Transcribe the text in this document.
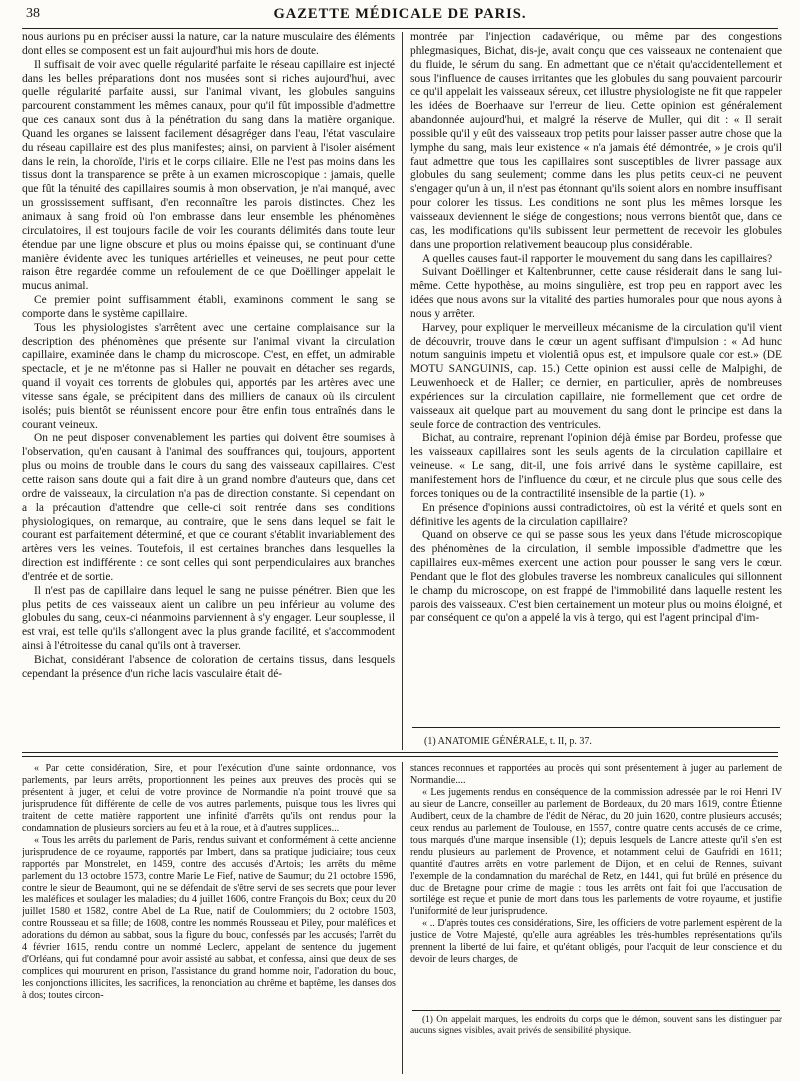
38	GAZETTE MÉDICALE DE PARIS.

nous aurions pu en préciser aussi la nature, car la nature musculaire des éléments dont elles se composent est un fait aujourd'hui mis hors de doute.

Il suffisait de voir avec quelle régularité parfaite le réseau capillaire est injecté dans les belles préparations dont nos musées sont si riches aujourd'hui, avec quelle régularité parfaite aussi, sur l'animal vivant, les globules sanguins parcourent constamment les mêmes canaux, pour qu'il fût impossible d'admettre que ces canaux sont dus à la pénétration du sang dans la matière organique. Quand les organes se laissent facilement désagréger dans l'eau, l'état vasculaire du réseau capillaire est des plus manifestes; ainsi, on parvient à l'isoler aisément dans le rein, la choroïde, l'iris et le corps ciliaire. Elle ne l'est pas moins dans les tissus dont la transparence se prête à un examen microscopique : jamais, quelle que fût la ténuité des capillaires soumis à mon observation, je n'ai manqué, avec un grossissement suffisant, d'en reconnaître les parois distinctes. Chez les animaux à sang froid où l'on embrasse dans leur ensemble les phénomènes circulatoires, il est toujours facile de voir les courants délimités dans toute leur étendue par une ligne obscure et plus ou moins épaisse qui, se continuant d'une manière évidente avec les tuniques artérielles et veineuses, ne peut pour cette raison être regardée comme un refoulement de ce que Doëllinger appelait le mucus animal.

Ce premier point suffisamment établi, examinons comment le sang se comporte dans le système capillaire.

Tous les physiologistes s'arrêtent avec une certaine complaisance sur la description des phénomènes que présente sur l'animal vivant la circulation capillaire, examinée dans le champ du microscope. C'est, en effet, un admirable spectacle, et je ne m'étonne pas si Haller ne pouvait en détacher ses regards, quand il voyait ces torrents de globules qui, apportés par les artères avec une vitesse sans égale, se précipitent dans des milliers de canaux où ils circulent isolés; puis bientôt se réunissent encore pour être enfin tous entraînés dans le courant veineux.

On ne peut disposer convenablement les parties qui doivent être soumises à l'observation, qu'en causant à l'animal des souffrances qui, toujours, apportent plus ou moins de trouble dans le cours du sang des vaisseaux capillaires. C'est cette raison sans doute qui a fait dire à un grand nombre d'auteurs que, dans cet ordre de vaisseaux, la circulation n'a pas de direction constante. Si cependant on a la précaution d'attendre que celle-ci soit rentrée dans ses conditions physiologiques, on remarque, au contraire, que le sens dans lequel se fait le courant est parfaitement déterminé, et que ce courant s'établit invariablement des artères vers les veines. Toutefois, il est certaines branches dans lesquelles la direction est indifférente : ce sont celles qui sont perpendiculaires aux branches d'entrée et de sortie.

Il n'est pas de capillaire dans lequel le sang ne puisse pénétrer. Bien que les plus petits de ces vaisseaux aient un calibre un peu inférieur au volume des globules du sang, ceux-ci néanmoins parviennent à s'y engager. Leur souplesse, il est vrai, est telle qu'ils s'allongent avec la plus grande facilité, et s'accommodent ainsi à l'étroitesse du canal qu'ils ont à traverser.

Bichat, considérant l'absence de coloration de certains tissus, dans lesquels cependant la présence d'un riche lacis vasculaire était dé-

montrée par l'injection cadavérique, ou même par des congestions phlegmasiques, Bichat, dis-je, avait conçu que ces vaisseaux ne contenaient que du fluide, le sérum du sang. En admettant que ce n'était qu'accidentellement et sous l'influence de causes irritantes que les globules du sang pouvaient parcourir ce qu'il appelait les vaisseaux séreux, cet illustre physiologiste ne fit que rappeler les idées de Boerhaave sur l'erreur de lieu. Cette opinion est généralement abandonnée aujourd'hui, et malgré la réserve de Muller, qui dit : « Il serait possible qu'il y eût des vaisseaux trop petits pour laisser passer autre chose que la lymphe du sang, mais leur existence « n'a jamais été démontrée, » je crois qu'il faut admettre que tous les capillaires sont susceptibles de livrer passage aux globules du sang seulement; comme dans les plus petits ceux-ci ne peuvent s'engager qu'un à un, il n'est pas étonnant qu'ils soient alors en nombre insuffisant pour colorer les tissus. Les conditions ne sont plus les mêmes lorsque les vaisseaux deviennent le siége de congestions; nous verrons bientôt que, dans ce cas, les modifications qu'ils subissent leur permettent de recevoir les globules dans une proportion relativement beaucoup plus considérable.

A quelles causes faut-il rapporter le mouvement du sang dans les capillaires?

Suivant Doëllinger et Kaltenbrunner, cette cause résiderait dans le sang lui-même. Cette hypothèse, au moins singulière, est trop peu en rapport avec les idées que nous avons sur la vitalité des parties humorales pour que nous ayons à nous y arrêter.

Harvey, pour expliquer le merveilleux mécanisme de la circulation qu'il vient de découvrir, trouve dans le cœur un agent suffisant d'impulsion : « Ad hunc notum sanguinis impetu et violentiâ opus est, et impulsore quale cor est.» (DE MOTU SANGUINIS, cap. 15.) Cette opinion est aussi celle de Malpighi, de Leuwenhoeck et de Haller; ce dernier, en particulier, après de nombreuses expériences sur la circulation capillaire, nie formellement que cet ordre de vaisseaux ait quelque part au mouvement du sang dont le principe est dans la seule force de contraction des ventricules.

Bichat, au contraire, reprenant l'opinion déjà émise par Bordeu, professe que les vaisseaux capillaires sont les seuls agents de la circulation capillaire et veineuse. « Le sang, dit-il, une fois arrivé dans le système capillaire, est manifestement hors de l'influence du cœur, et ne circule plus que sous celle des forces toniques ou de la contractilité insensible de la partie (1). »

En présence d'opinions aussi contradictoires, où est la vérité et quels sont en définitive les agents de la circulation capillaire?

Quand on observe ce qui se passe sous les yeux dans l'étude microscopique des phénomènes de la circulation, il semble impossible d'admettre que les capillaires eux-mêmes exercent une action pour pousser le sang vers le cœur. Pendant que le flot des globules traverse les nombreux canalicules qui sillonnent le champ du microscope, on est frappé de l'immobilité dans laquelle restent les parois des vaisseaux. C'est bien certainement un moteur plus ou moins éloigné, et par conséquent ce qu'on a appelé la vis à tergo, qui est l'agent principal d'im-

(1) ANATOMIE GÉNÉRALE, t. II, p. 37.

« Par cette considération, Sire, et pour l'exécution d'une sainte ordonnance, vos parlements, par leurs arrêts, proportionnent les peines aux preuves des procès qui se présentent à juger, et celui de votre province de Normandie n'a point trouvé que sa jurisprudence fût différente de celle de vos autres parlements, puisque tous les livres qui traitent de cette matière rapportent une infinité d'arrêts qu'ils ont rendus pour la condamnation de plusieurs sorciers au feu et à la roue, et à d'autres supplices...

« Tous les arrêts du parlement de Paris, rendus suivant et conformément à cette ancienne jurisprudence de ce royaume, rapportés par Imbert, dans sa pratique judiciaire; tous ceux rapportés par Monstrelet, en 1459, contre des accusés d'Artois; les arrêts du même parlement du 13 octobre 1573, contre Marie Le Fief, native de Saumur; du 21 octobre 1596, contre le sieur de Beaumont, qui ne se défendait de s'être servi de ses secrets que pour lever les maléfices et soulager les maladies; du 4 juillet 1606, contre François du Box; ceux du 20 juillet 1580 et 1582, contre Abel de La Rue, natif de Coulommiers; du 2 octobre 1503, contre Rousseau et sa fille; de 1608, contre les nommés Rousseau et Piley, pour maléfices et adorations du démon au sabbat, sous la figure du bouc, confessés par les accusés; l'arrêt du 4 février 1615, rendu contre un nommé Leclerc, appelant de sentence du jugement d'Orléans, qui fut condamné pour avoir assisté au sabbat, et confessa, ainsi que deux de ses complices qui moururent en prison, l'assistance du grand homme noir, l'adoration du bouc, les conjonctions illicites, les sacrifices, la renonciation au chrême et baptême, les danses dos à dos; toutes circon-

stances reconnues et rapportées au procès qui sont présentement à juger au parlement de Normandie....

« Les jugements rendus en conséquence de la commission adressée par le roi Henri IV au sieur de Lancre, conseiller au parlement de Bordeaux, du 20 mars 1619, contre Étienne Audibert, ceux de la chambre de l'édit de Nérac, du 20 juin 1620, contre plusieurs accusés; ceux rendus au parlement de Toulouse, en 1557, contre quatre cents accusés de ce crime, tous marqués d'une marque insensible (1); depuis lesquels de Lancre atteste qu'il s'en est rendu plusieurs au parlement de Provence, et notamment celui de Gaufridi en 1611; quantité d'autres arrêts en votre parlement de Dijon, et en celui de Rennes, suivant l'exemple de la condamnation du maréchal de Retz, en 1441, qui fut brûlé en présence du duc de Bretagne pour crime de magie : tous les arrêts ont fait foi que l'accusation de sortilége est reçue et punie de mort dans tous les parlements de votre royaume, et justifie l'uniformité de leur jurisprudence.

« .. D'après toutes ces considérations, Sire, les officiers de votre parlement espèrent de la justice de Votre Majesté, qu'elle aura agréables les très-humbles représentations qu'ils prennent la liberté de lui faire, et qu'étant obligés, pour l'acquit de leur conscience et du devoir de leurs charges, de

(1) On appelait marques, les endroits du corps que le démon, souvent sans les distinguer par aucuns signes visibles, avait privés de sensibilité physique.
